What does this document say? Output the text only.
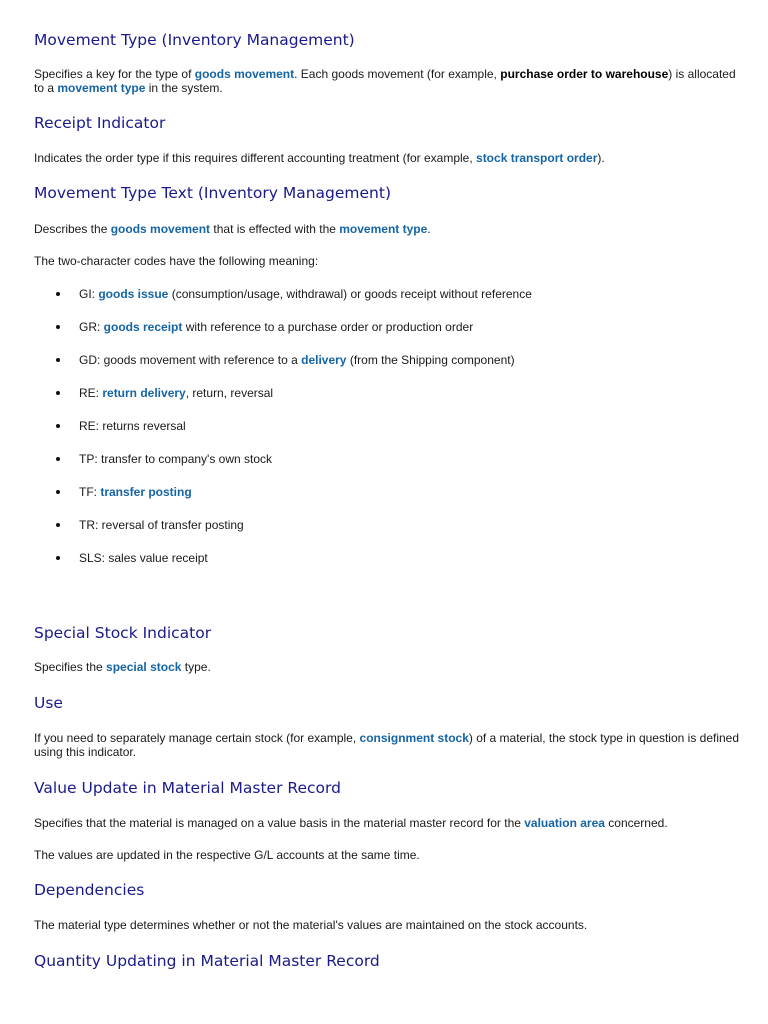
Movement Type (Inventory Management)

Specifies a key for the type of goods movement. Each goods movement (for example, purchase order to warehouse) is allocated to a movement type in the system.

Receipt Indicator

Indicates the order type if this requires different accounting treatment (for example, stock transport order).

Movement Type Text (Inventory Management)

Describes the goods movement that is effected with the movement type.

The two-character codes have the following meaning:

GI: goods issue (consumption/usage, withdrawal) or goods receipt without reference

GR: goods receipt with reference to a purchase order or production order

GD: goods movement with reference to a delivery (from the Shipping component)

RE: return delivery, return, reversal

RE: returns reversal

TP: transfer to company's own stock

TF: transfer posting

TR: reversal of transfer posting

SLS: sales value receipt

Special Stock Indicator

Specifies the special stock type.

Use

If you need to separately manage certain stock (for example, consignment stock) of a material, the stock type in question is defined using this indicator.

Value Update in Material Master Record

Specifies that the material is managed on a value basis in the material master record for the valuation area concerned.

The values are updated in the respective G/L accounts at the same time.

Dependencies

The material type determines whether or not the material's values are maintained on the stock accounts.

Quantity Updating in Material Master Record
